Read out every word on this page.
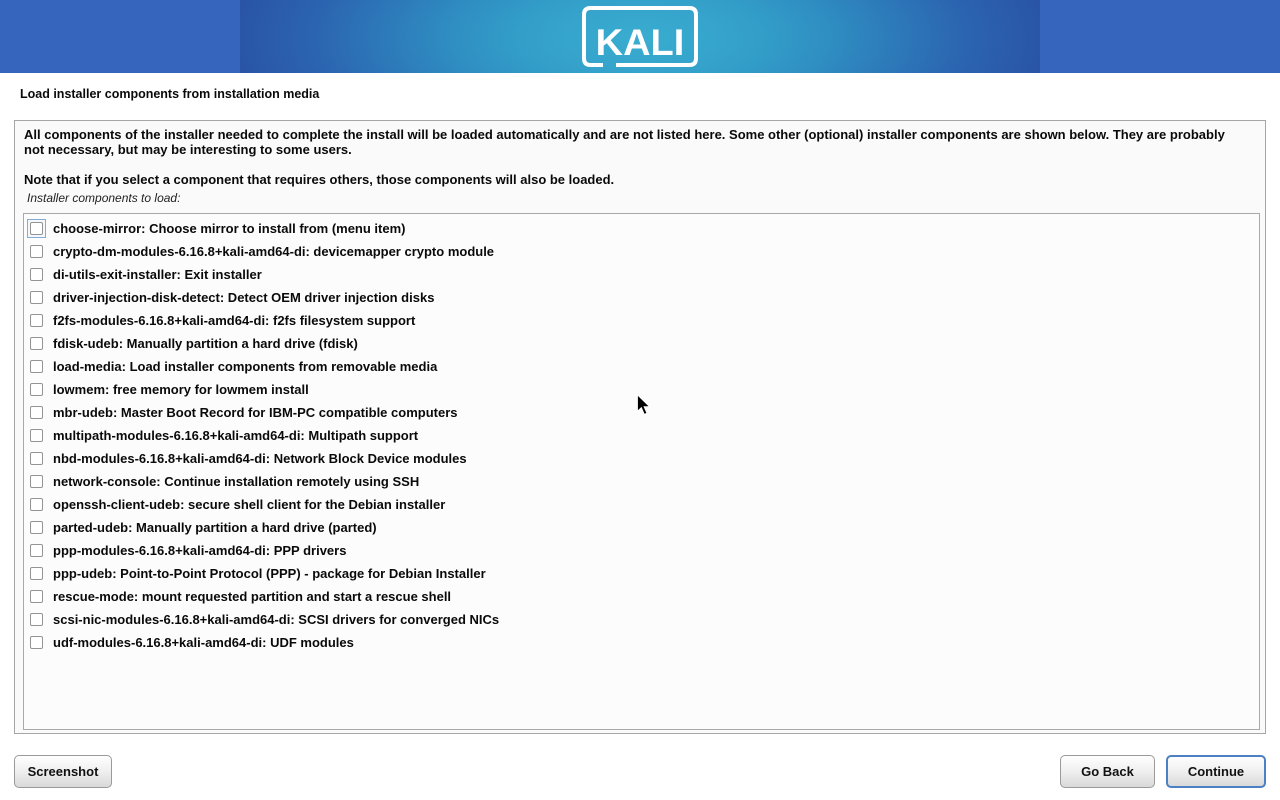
KALI
Load installer components from installation media
All components of the installer needed to complete the install will be loaded automatically and are not listed here. Some other (optional) installer components are shown below. They are probably not necessary, but may be interesting to some users.
Note that if you select a component that requires others, those components will also be loaded.
Installer components to load:
choose-mirror: Choose mirror to install from (menu item)
crypto-dm-modules-6.16.8+kali-amd64-di: devicemapper crypto module
di-utils-exit-installer: Exit installer
driver-injection-disk-detect: Detect OEM driver injection disks
f2fs-modules-6.16.8+kali-amd64-di: f2fs filesystem support
fdisk-udeb: Manually partition a hard drive (fdisk)
load-media: Load installer components from removable media
lowmem: free memory for lowmem install
mbr-udeb: Master Boot Record for IBM-PC compatible computers
multipath-modules-6.16.8+kali-amd64-di: Multipath support
nbd-modules-6.16.8+kali-amd64-di: Network Block Device modules
network-console: Continue installation remotely using SSH
openssh-client-udeb: secure shell client for the Debian installer
parted-udeb: Manually partition a hard drive (parted)
ppp-modules-6.16.8+kali-amd64-di: PPP drivers
ppp-udeb: Point-to-Point Protocol (PPP) - package for Debian Installer
rescue-mode: mount requested partition and start a rescue shell
scsi-nic-modules-6.16.8+kali-amd64-di: SCSI drivers for converged NICs
udf-modules-6.16.8+kali-amd64-di: UDF modules
Screenshot	Go Back	Continue
